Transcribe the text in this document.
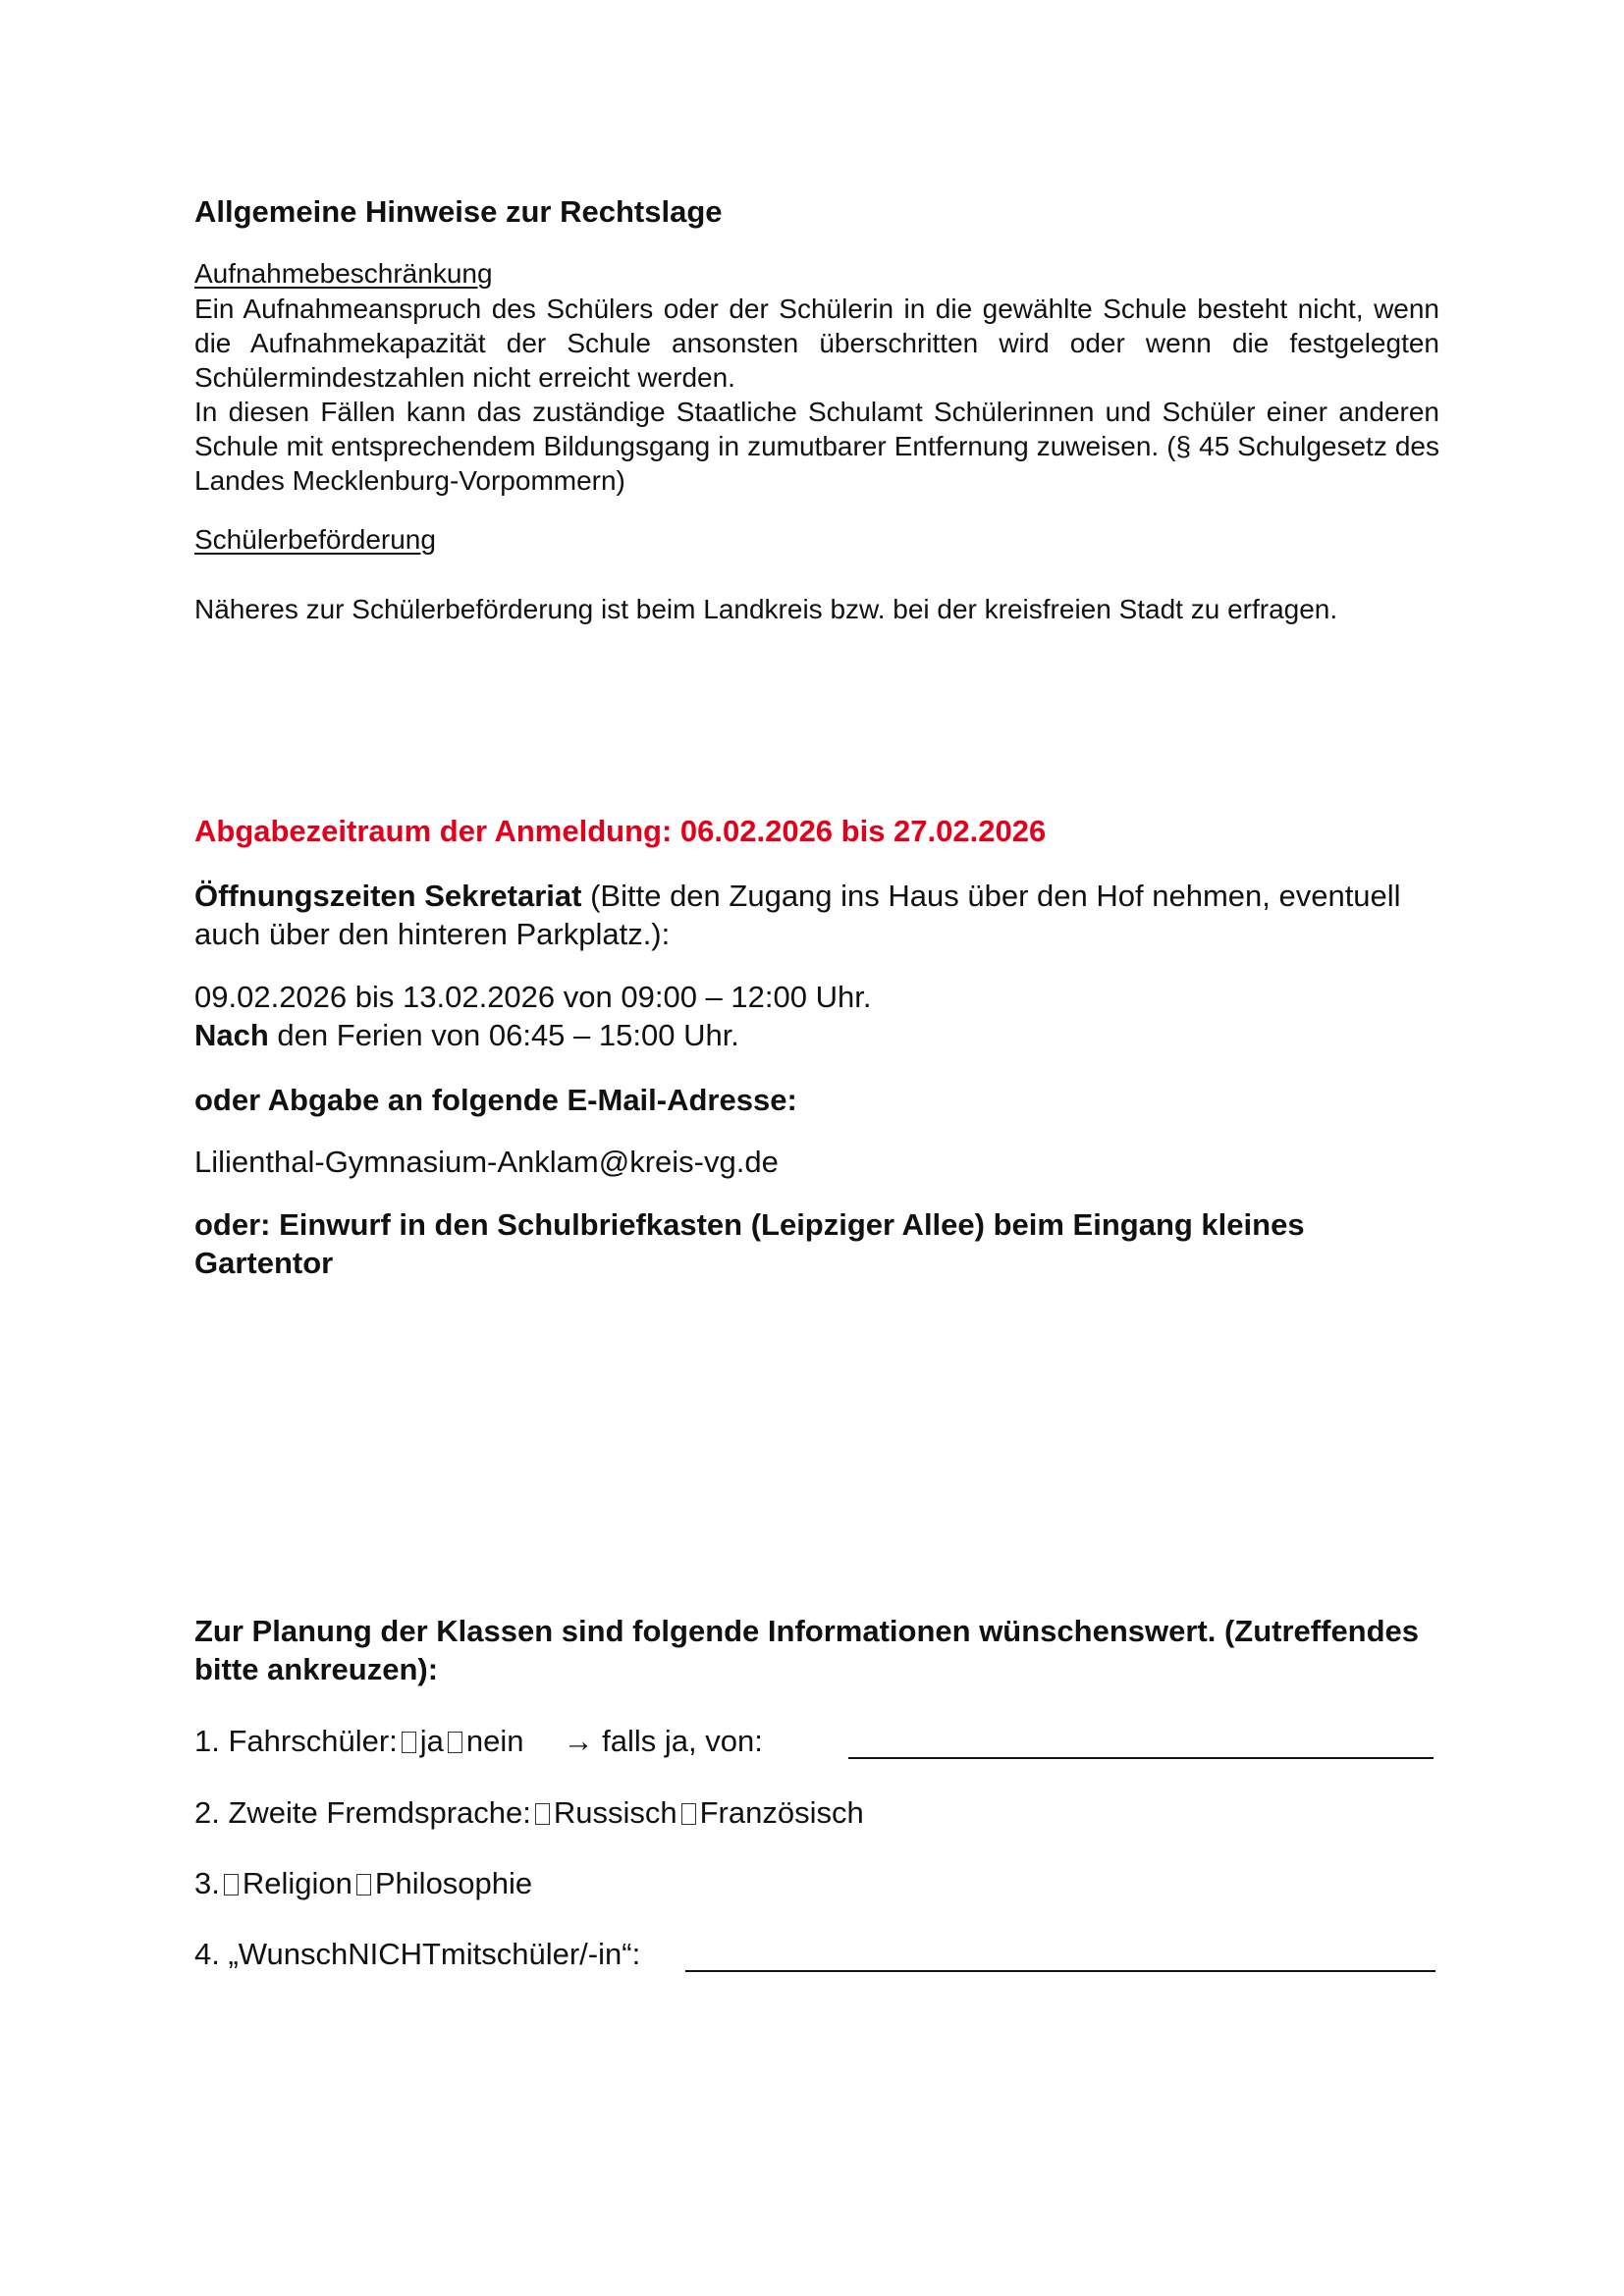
Allgemeine Hinweise zur Rechtslage
Aufnahmebeschränkung

Ein Aufnahmeanspruch des Schülers oder der Schülerin in die gewählte Schule besteht nicht, wenn die Aufnahmekapazität der Schule ansonsten überschritten wird oder wenn die festgelegten Schülermindestzahlen nicht erreicht werden.

In diesen Fällen kann das zuständige Staatliche Schulamt Schülerinnen und Schüler einer anderen Schule mit entsprechendem Bildungsgang in zumutbarer Entfernung zuweisen. (§ 45 Schulgesetz des Landes Mecklenburg-Vorpommern)

Schülerbeförderung
Näheres zur Schülerbeförderung ist beim Landkreis bzw. bei der kreisfreien Stadt zu erfragen.
Abgabezeitraum der Anmeldung: 06.02.2026 bis 27.02.2026
Öffnungszeiten Sekretariat (Bitte den Zugang ins Haus über den Hof nehmen, eventuell auch über den hinteren Parkplatz.):
09.02.2026 bis 13.02.2026 von 09:00 – 12:00 Uhr.
Nach den Ferien von 06:45 – 15:00 Uhr.
oder Abgabe an folgende E-Mail-Adresse:
Lilienthal-Gymnasium-Anklam@kreis-vg.de
oder: Einwurf in den Schulbriefkasten (Leipziger Allee) beim Eingang kleines Gartentor
Zur Planung der Klassen sind folgende Informationen wünschenswert. (Zutreffendes bitte ankreuzen):
1. Fahrschüler: ja nein → falls ja, von:
2. Zweite Fremdsprache: Russisch Französisch
3. Religion Philosophie
4. „WunschNICHTmitschüler/-in“:
